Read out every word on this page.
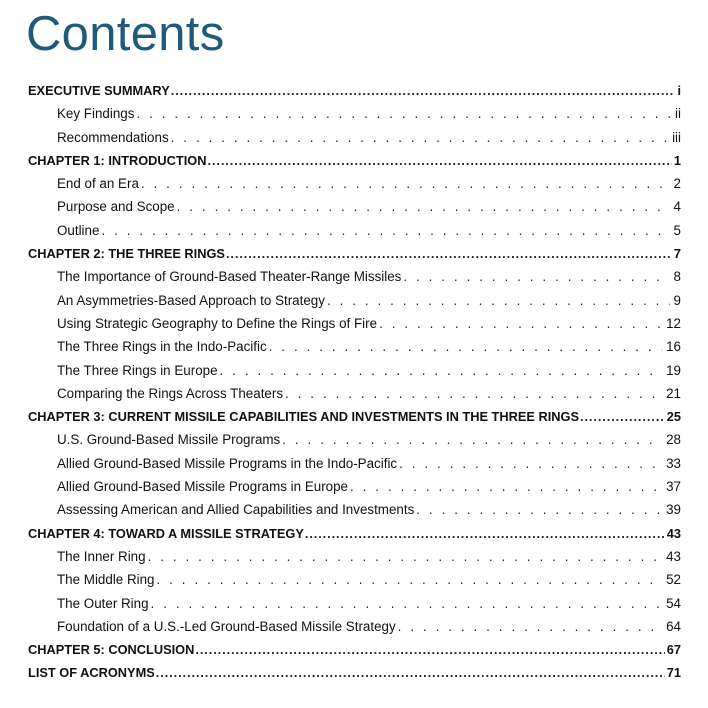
Contents
EXECUTIVE SUMMARY .....	i
Key Findings . . .	ii
Recommendations . . .	iii
CHAPTER 1: INTRODUCTION .....	1
End of an Era . . .	2
Purpose and Scope . . .	4
Outline . . .	5
CHAPTER 2: THE THREE RINGS .....	7
The Importance of Ground-Based Theater-Range Missiles . . .	8
An Asymmetries-Based Approach to Strategy . . .	9
Using Strategic Geography to Define the Rings of Fire . . .	12
The Three Rings in the Indo-Pacific . . .	16
The Three Rings in Europe . . .	19
Comparing the Rings Across Theaters . . .	21
CHAPTER 3: CURRENT MISSILE CAPABILITIES AND INVESTMENTS IN THE THREE RINGS .....	25
U.S. Ground-Based Missile Programs . . .	28
Allied Ground-Based Missile Programs in the Indo-Pacific . . .	33
Allied Ground-Based Missile Programs in Europe . . .	37
Assessing American and Allied Capabilities and Investments . . .	39
CHAPTER 4: TOWARD A MISSILE STRATEGY .....	43
The Inner Ring . . .	43
The Middle Ring . . .	52
The Outer Ring . . .	54
Foundation of a U.S.-Led Ground-Based Missile Strategy . . .	64
CHAPTER 5: CONCLUSION .....	67
LIST OF ACRONYMS .....	71
